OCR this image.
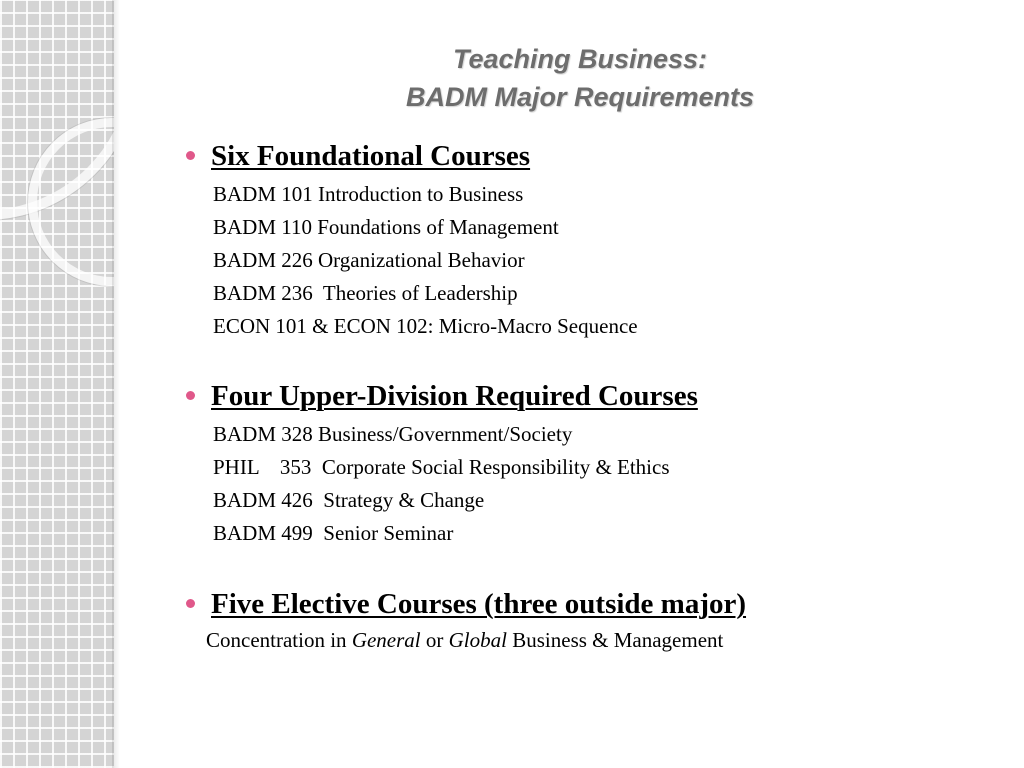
Teaching Business:
BADM Major Requirements
Six Foundational Courses
BADM 101 Introduction to Business
BADM 110 Foundations of Management
BADM 226 Organizational Behavior
BADM 236  Theories of Leadership
ECON 101 & ECON 102: Micro-Macro Sequence
Four Upper-Division Required Courses
BADM 328 Business/Government/Society
PHIL    353  Corporate Social Responsibility & Ethics
BADM 426  Strategy & Change
BADM 499  Senior Seminar
Five Elective Courses (three outside major)
Concentration in General or Global Business & Management
